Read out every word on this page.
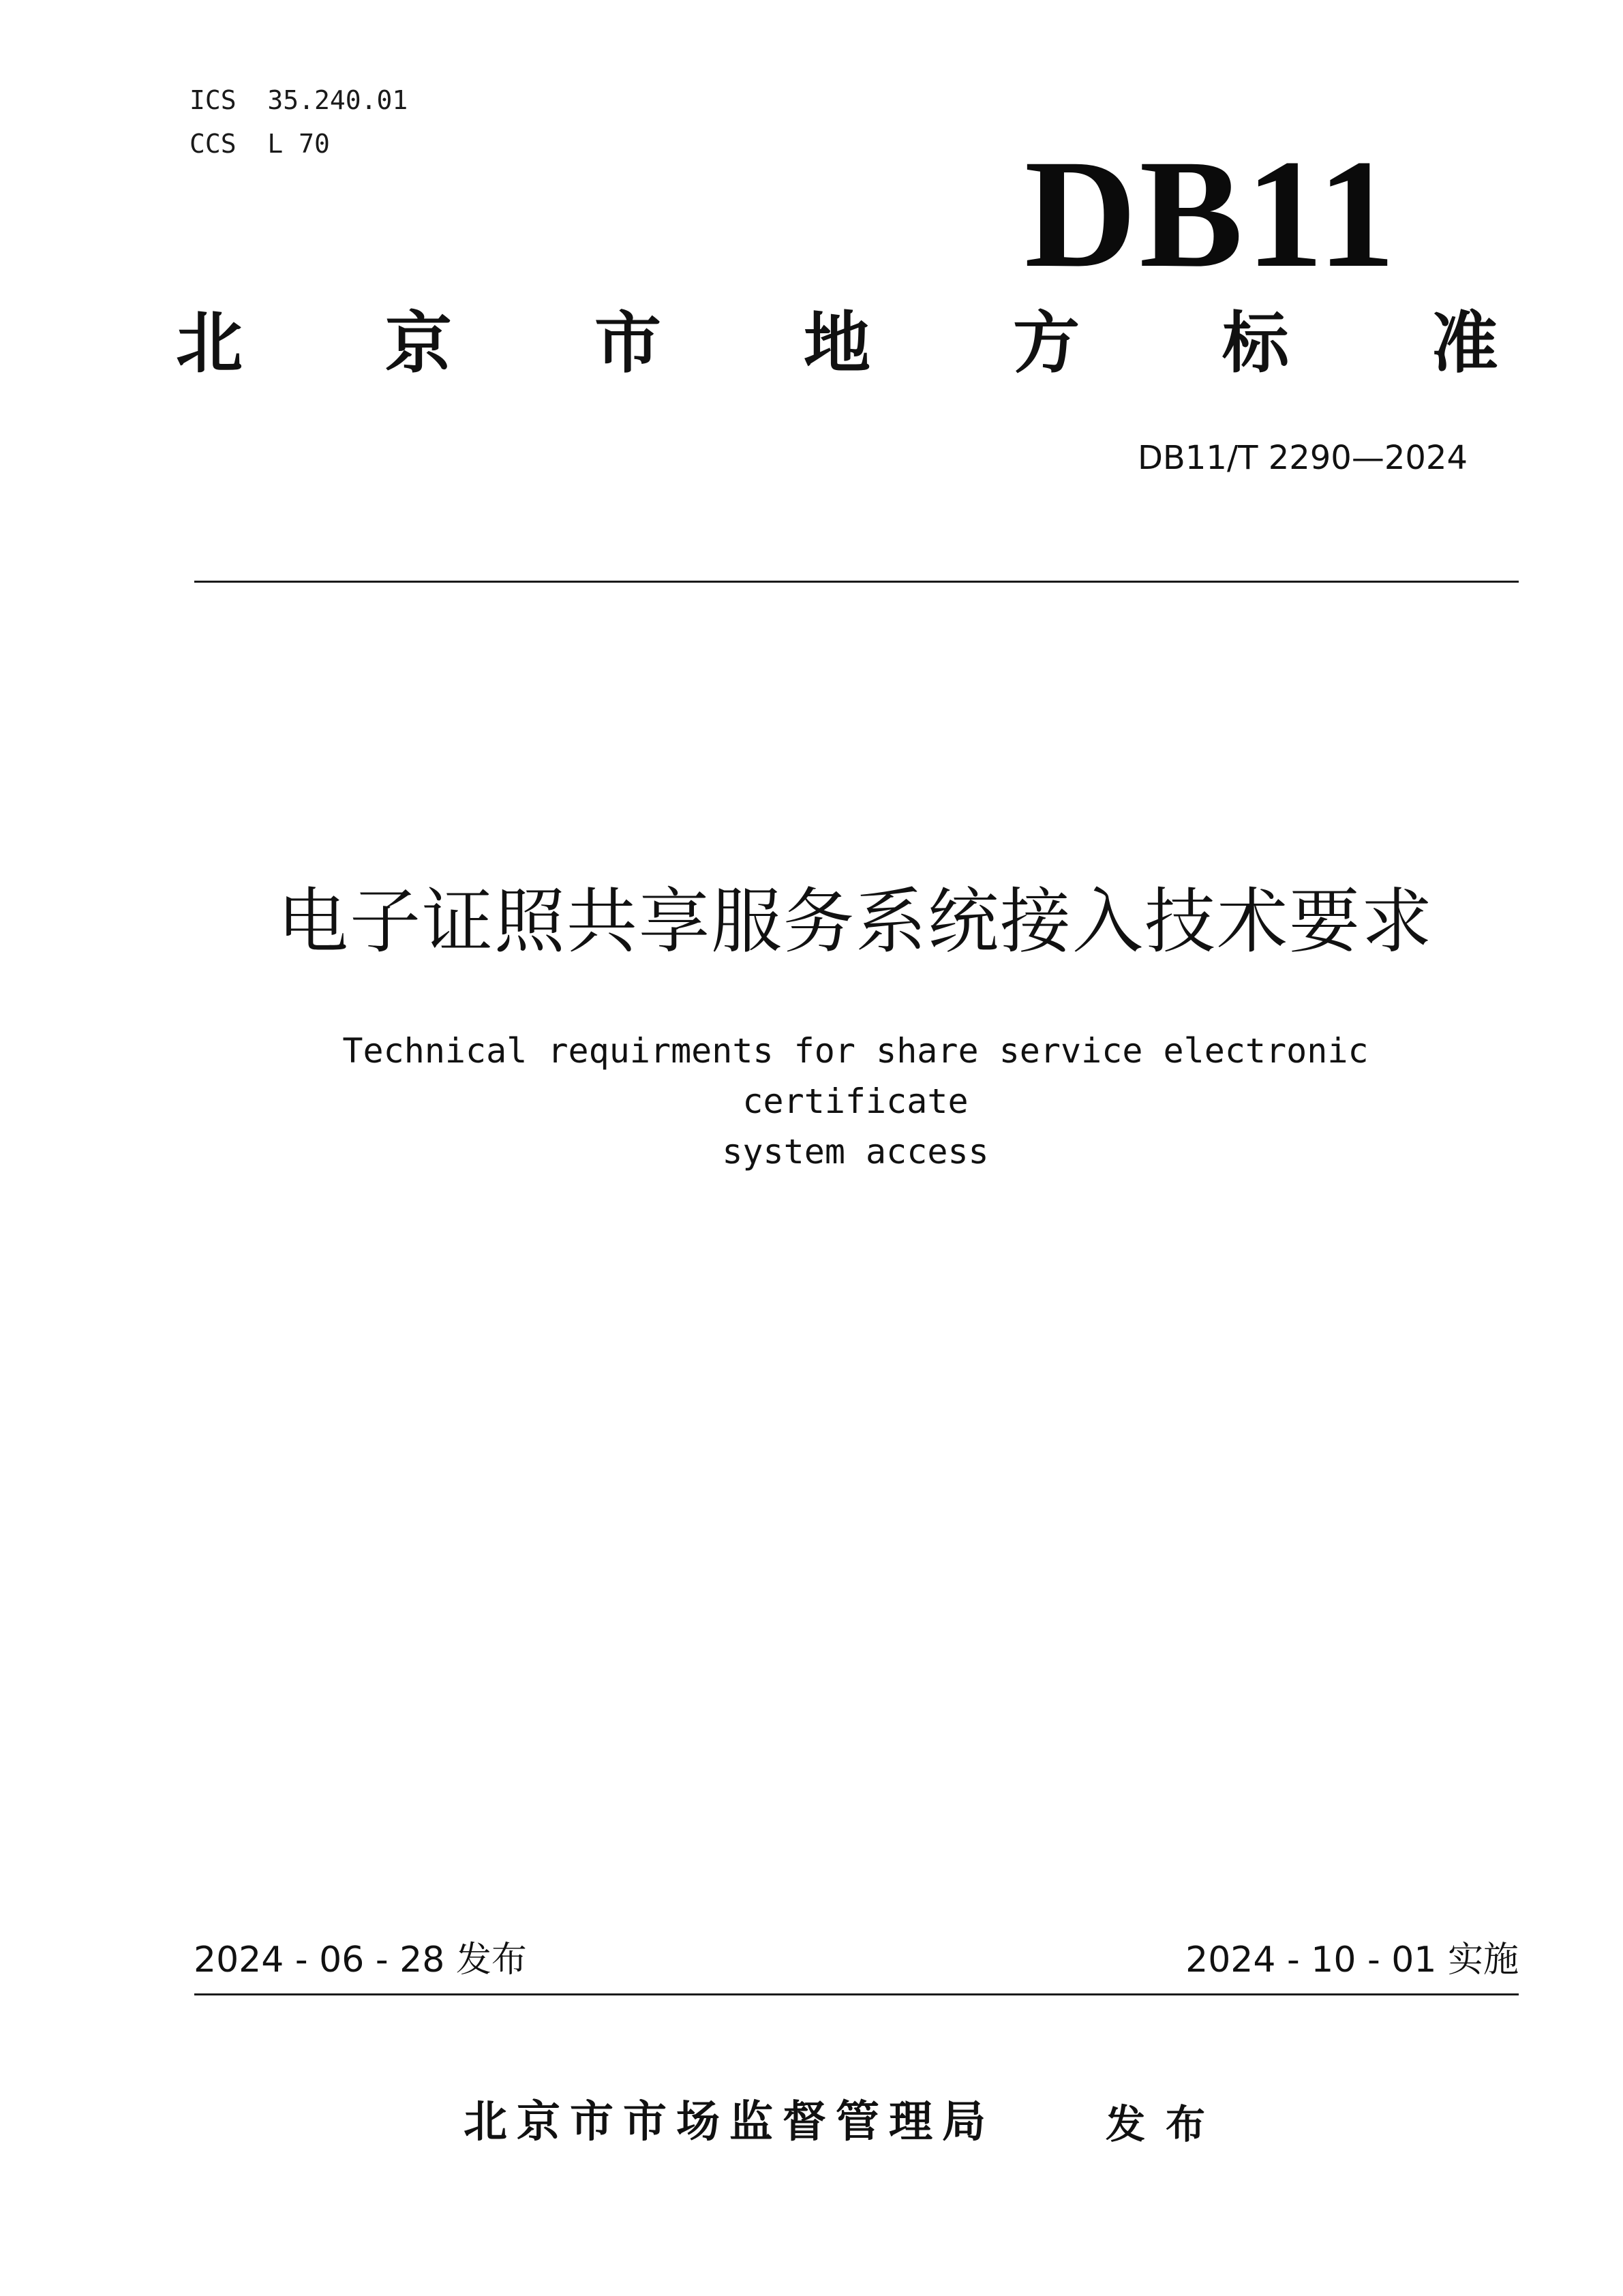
ICS  35.240.01
CCS  L 70	DB11
北 京 市 地 方 标 准
DB11/T 2290—2024
电子证照共享服务系统接入技术要求
Technical requirments for share service electronic certificate
system access
2024 - 06 - 28 发布	2024 - 10 - 01 实施
北京市市场监督管理局	发布
